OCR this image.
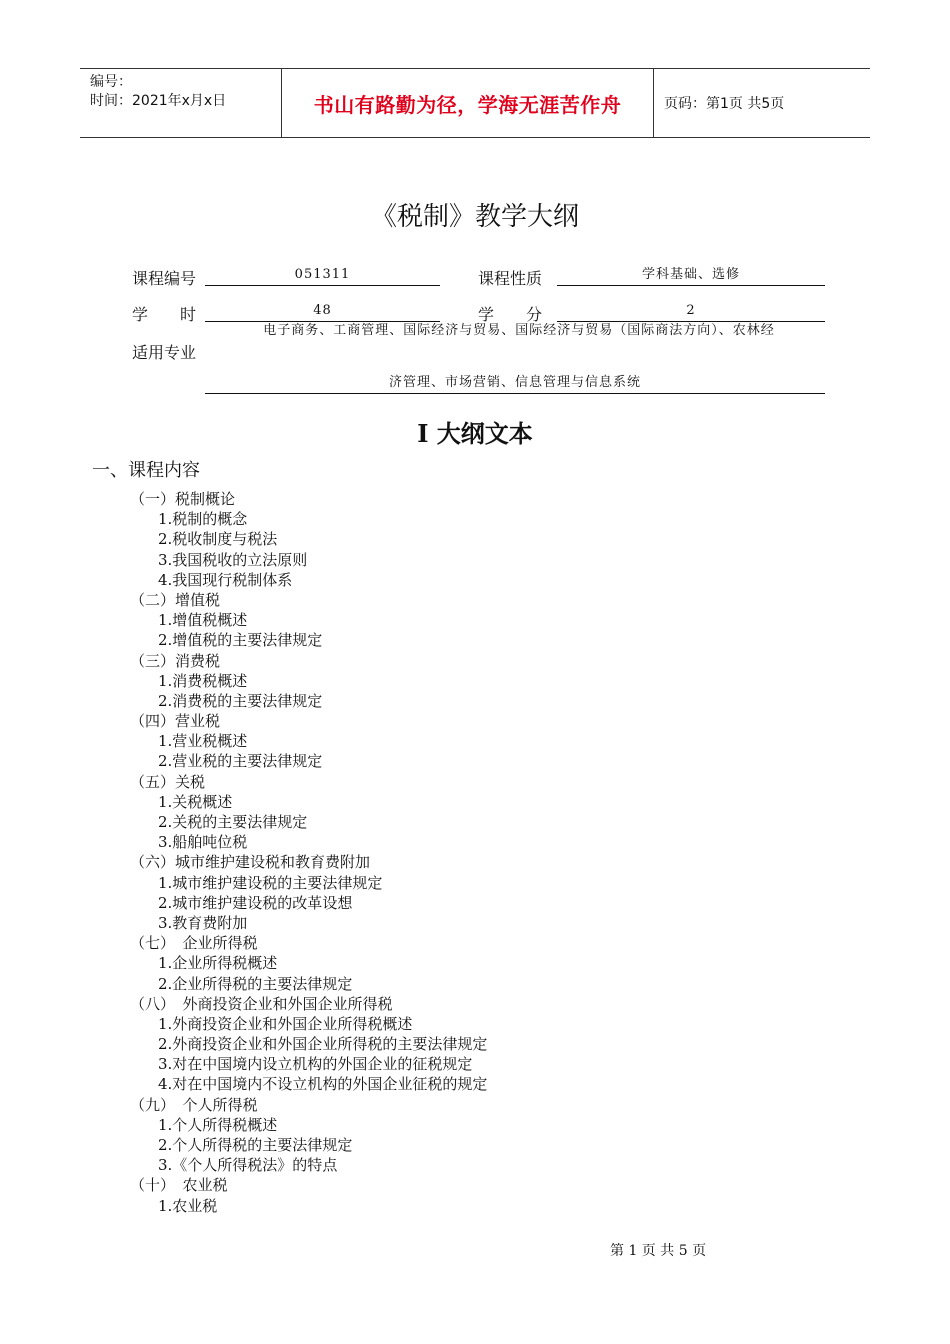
编号：
时间：2021年x月x日	书山有路勤为径，学海无涯苦作舟	页码：第1页 共5页
《税制》教学大纲
课程编号	051311	课程性质	学科基础、选修
学　　时	48	学　　分	2
适用专业
电子商务、工商管理、国际经济与贸易、国际经济与贸易（国际商法方向）、农林经
济管理、市场营销、信息管理与信息系统
I 大纲文本
一、课程内容
（一）税制概论
1.税制的概念
2.税收制度与税法
3.我国税收的立法原则
4.我国现行税制体系
（二）增值税
1.增值税概述
2.增值税的主要法律规定
（三）消费税
1.消费税概述
2.消费税的主要法律规定
（四）营业税
1.营业税概述
2.营业税的主要法律规定
（五）关税
1.关税概述
2.关税的主要法律规定
3.船舶吨位税
（六）城市维护建设税和教育费附加
1.城市维护建设税的主要法律规定
2.城市维护建设税的改革设想
3.教育费附加
（七）　企业所得税
1.企业所得税概述
2.企业所得税的主要法律规定
（八）　外商投资企业和外国企业所得税
1.外商投资企业和外国企业所得税概述
2.外商投资企业和外国企业所得税的主要法律规定
3.对在中国境内设立机构的外国企业的征税规定
4.对在中国境内不设立机构的外国企业征税的规定
（九）　个人所得税
1.个人所得税概述
2.个人所得税的主要法律规定
3.《个人所得税法》的特点
（十）　农业税
1.农业税
第 1 页 共 5 页
